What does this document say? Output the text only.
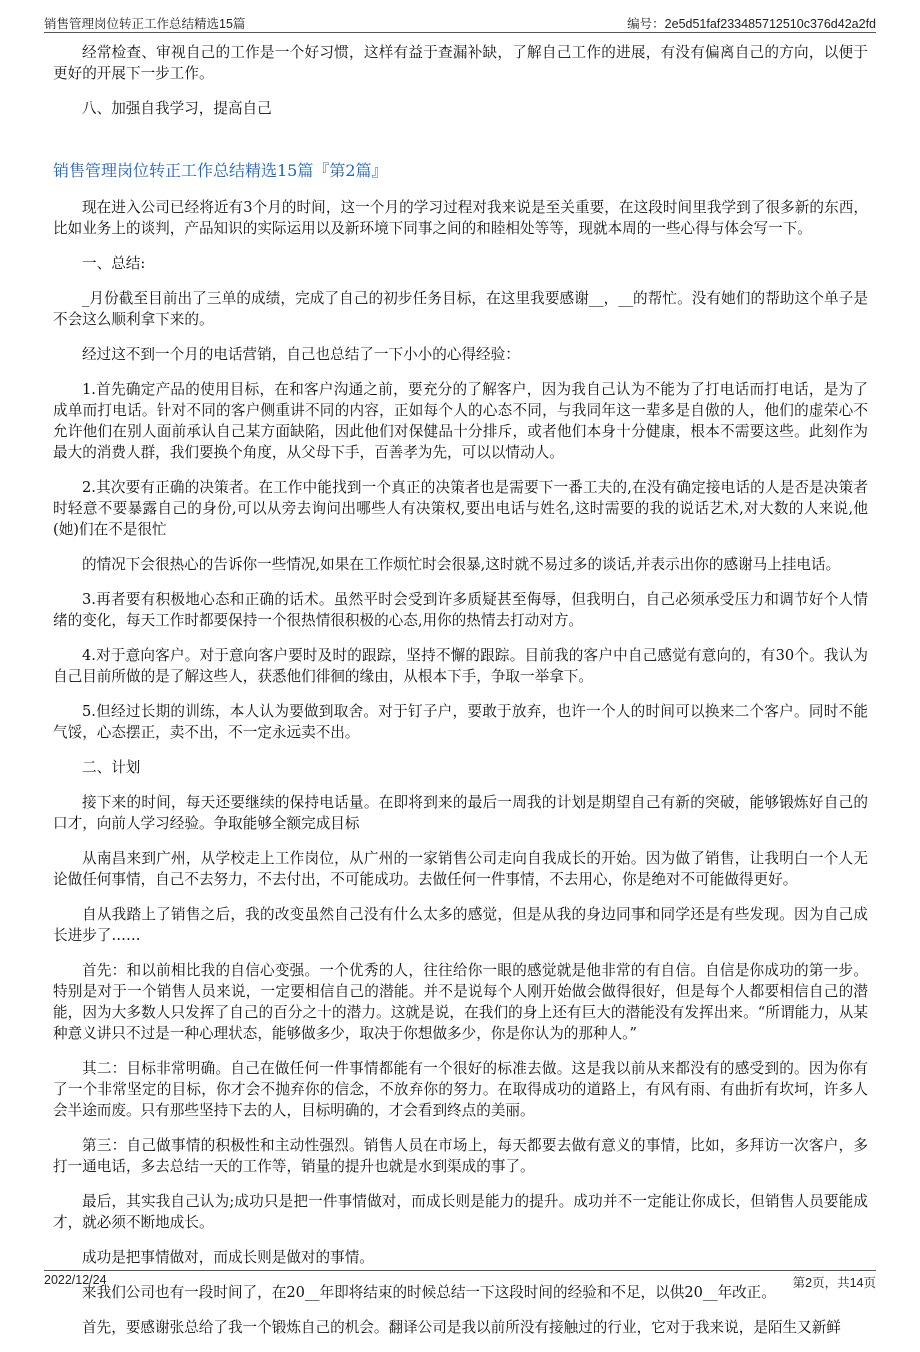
销售管理岗位转正工作总结精选15篇	编号：2e5d51faf233485712510c376d42a2fd

经常检查、审视自己的工作是一个好习惯，这样有益于查漏补缺，了解自己工作的进展，有没有偏离自己的方向，以便于更好的开展下一步工作。

八、加强自我学习，提高自己

销售管理岗位转正工作总结精选15篇『第2篇』

现在进入公司已经将近有3个月的时间，这一个月的学习过程对我来说是至关重要，在这段时间里我学到了很多新的东西，比如业务上的谈判，产品知识的实际运用以及新环境下同事之间的和睦相处等等，现就本周的一些心得与体会写一下。

一、总结:

_月份截至目前出了三单的成绩，完成了自己的初步任务目标，在这里我要感谢__，__的帮忙。没有她们的帮助这个单子是不会这么顺利拿下来的。

经过这不到一个月的电话营销，自己也总结了一下小小的心得经验：

1.首先确定产品的使用目标，在和客户沟通之前，要充分的了解客户，因为我自己认为不能为了打电话而打电话，是为了成单而打电话。针对不同的客户侧重讲不同的内容，正如每个人的心态不同，与我同年这一辈多是自傲的人，他们的虚荣心不允许他们在别人面前承认自己某方面缺陷，因此他们对保健品十分排斥，或者他们本身十分健康，根本不需要这些。此刻作为最大的消费人群，我们要换个角度，从父母下手，百善孝为先，可以以情动人。

2.其次要有正确的决策者。在工作中能找到一个真正的决策者也是需要下一番工夫的,在没有确定接电话的人是否是决策者时轻意不要暴露自己的身份,可以从旁去询问出哪些人有决策权,要出电话与姓名,这时需要的我的说话艺术,对大数的人来说,他(她)们在不是很忙

的情况下会很热心的告诉你一些情况,如果在工作烦忙时会很暴,这时就不易过多的谈话,并表示出你的感谢马上挂电话。

3.再者要有积极地心态和正确的话术。虽然平时会受到许多质疑甚至侮辱，但我明白，自己必须承受压力和调节好个人情绪的变化，每天工作时都要保持一个很热情很积极的心态,用你的热情去打动对方。

4.对于意向客户。对于意向客户要时及时的跟踪，坚持不懈的跟踪。目前我的客户中自己感觉有意向的，有30个。我认为自己目前所做的是了解这些人，获悉他们徘徊的缘由，从根本下手，争取一举拿下。

5.但经过长期的训练，本人认为要做到取舍。对于钉子户，要敢于放弃，也许一个人的时间可以换来二个客户。同时不能气馁，心态摆正，卖不出，不一定永远卖不出。

二、计划

接下来的时间，每天还要继续的保持电话量。在即将到来的最后一周我的计划是期望自己有新的突破，能够锻炼好自己的口才，向前人学习经验。争取能够全额完成目标

从南昌来到广州，从学校走上工作岗位，从广州的一家销售公司走向自我成长的开始。因为做了销售，让我明白一个人无论做任何事情，自己不去努力，不去付出，不可能成功。去做任何一件事情，不去用心，你是绝对不可能做得更好。

自从我踏上了销售之后，我的改变虽然自己没有什么太多的感觉，但是从我的身边同事和同学还是有些发现。因为自己成长进步了……

首先：和以前相比我的自信心变强。一个优秀的人，往往给你一眼的感觉就是他非常的有自信。自信是你成功的第一步。特别是对于一个销售人员来说，一定要相信自己的潜能。并不是说每个人刚开始做会做得很好，但是每个人都要相信自己的潜能，因为大多数人只发挥了自己的百分之十的潜力。这就是说，在我们的身上还有巨大的潜能没有发挥出来。“所谓能力，从某种意义讲只不过是一种心理状态，能够做多少，取决于你想做多少，你是你认为的那种人。”

其二：目标非常明确。自己在做任何一件事情都能有一个很好的标准去做。这是我以前从来都没有的感受到的。因为你有了一个非常坚定的目标，你才会不抛弃你的信念，不放弃你的努力。在取得成功的道路上，有风有雨、有曲折有坎坷，许多人会半途而废。只有那些坚持下去的人，目标明确的，才会看到终点的美丽。

第三：自己做事情的积极性和主动性强烈。销售人员在市场上，每天都要去做有意义的事情，比如，多拜访一次客户，多打一通电话，多去总结一天的工作等，销量的提升也就是水到渠成的事了。

最后，其实我自己认为;成功只是把一件事情做对，而成长则是能力的提升。成功并不一定能让你成长，但销售人员要能成才，就必须不断地成长。

成功是把事情做对，而成长则是做对的事情。

来我们公司也有一段时间了，在20__年即将结束的时候总结一下这段时间的经验和不足，以供20__年改正。

首先，要感谢张总给了我一个锻炼自己的机会。翻译公司是我以前所没有接触过的行业，它对于我来说，是陌生又新鲜

2022/12/24	第2页，共14页
